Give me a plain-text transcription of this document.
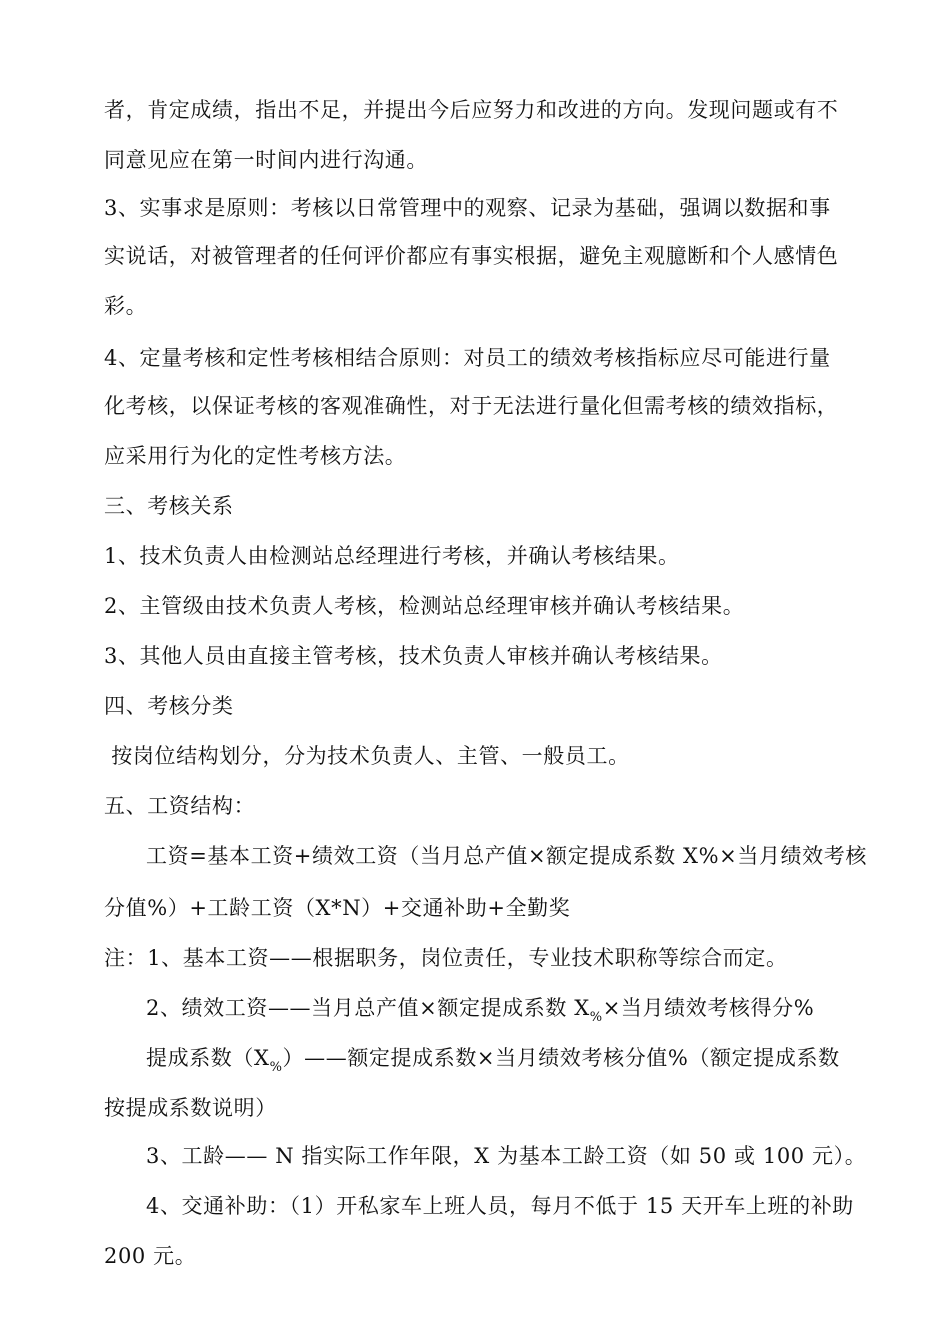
者，肯定成绩，指出不足，并提出今后应努力和改进的方向。发现问题或有不
同意见应在第一时间内进行沟通。
3、实事求是原则：考核以日常管理中的观察、记录为基础，强调以数据和事
实说话，对被管理者的任何评价都应有事实根据，避免主观臆断和个人感情色
彩。
4、定量考核和定性考核相结合原则：对员工的绩效考核指标应尽可能进行量
化考核，以保证考核的客观准确性，对于无法进行量化但需考核的绩效指标，
应采用行为化的定性考核方法。
三、考核关系
1、技术负责人由检测站总经理进行考核，并确认考核结果。
2、主管级由技术负责人考核，检测站总经理审核并确认考核结果。
3、其他人员由直接主管考核，技术负责人审核并确认考核结果。
四、考核分类
按岗位结构划分，分为技术负责人、主管、一般员工。
五、工资结构：
工资=基本工资+绩效工资（当月总产值×额定提成系数 X%×当月绩效考核
分值%）+工龄工资（X*N）+交通补助+全勤奖
注：1、基本工资——根据职务，岗位责任，专业技术职称等综合而定。
2、绩效工资——当月总产值×额定提成系数 $X_{\%}\times$当月绩效考核得分%
提成系数$(X_{\%})——$额定提成系数×当月绩效考核分值%（额定提成系数
按提成系数说明）
3、工龄—— N 指实际工作年限，X 为基本工龄工资（如 50 或 100 元）。
4、交通补助：（1）开私家车上班人员，每月不低于 15 天开车上班的补助
200 元。
